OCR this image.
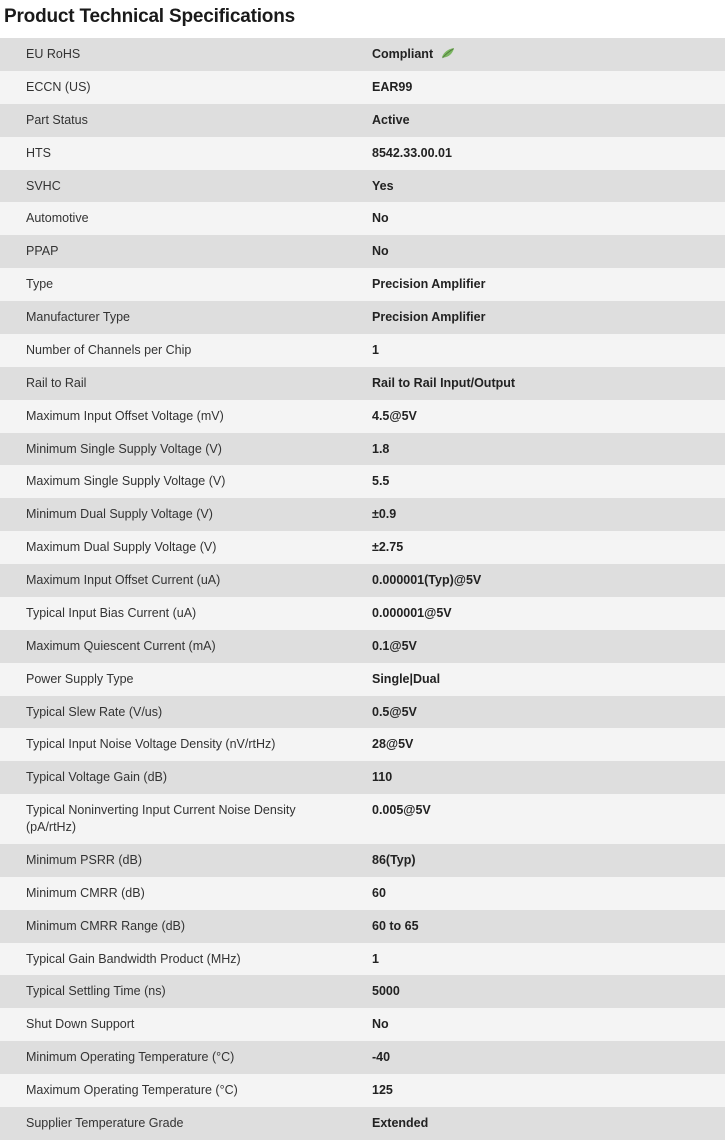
Product Technical Specifications
EU RoHS	Compliant
ECCN (US)	EAR99
Part Status	Active
HTS	8542.33.00.01
SVHC	Yes
Automotive	No
PPAP	No
Type	Precision Amplifier
Manufacturer Type	Precision Amplifier
Number of Channels per Chip	1
Rail to Rail	Rail to Rail Input/Output
Maximum Input Offset Voltage (mV)	4.5@5V
Minimum Single Supply Voltage (V)	1.8
Maximum Single Supply Voltage (V)	5.5
Minimum Dual Supply Voltage (V)	±0.9
Maximum Dual Supply Voltage (V)	±2.75
Maximum Input Offset Current (uA)	0.000001(Typ)@5V
Typical Input Bias Current (uA)	0.000001@5V
Maximum Quiescent Current (mA)	0.1@5V
Power Supply Type	Single|Dual
Typical Slew Rate (V/us)	0.5@5V
Typical Input Noise Voltage Density (nV/rtHz)	28@5V
Typical Voltage Gain (dB)	110
Typical Noninverting Input Current Noise Density (pA/rtHz)	0.005@5V
Minimum PSRR (dB)	86(Typ)
Minimum CMRR (dB)	60
Minimum CMRR Range (dB)	60 to 65
Typical Gain Bandwidth Product (MHz)	1
Typical Settling Time (ns)	5000
Shut Down Support	No
Minimum Operating Temperature (°C)	-40
Maximum Operating Temperature (°C)	125
Supplier Temperature Grade	Extended
